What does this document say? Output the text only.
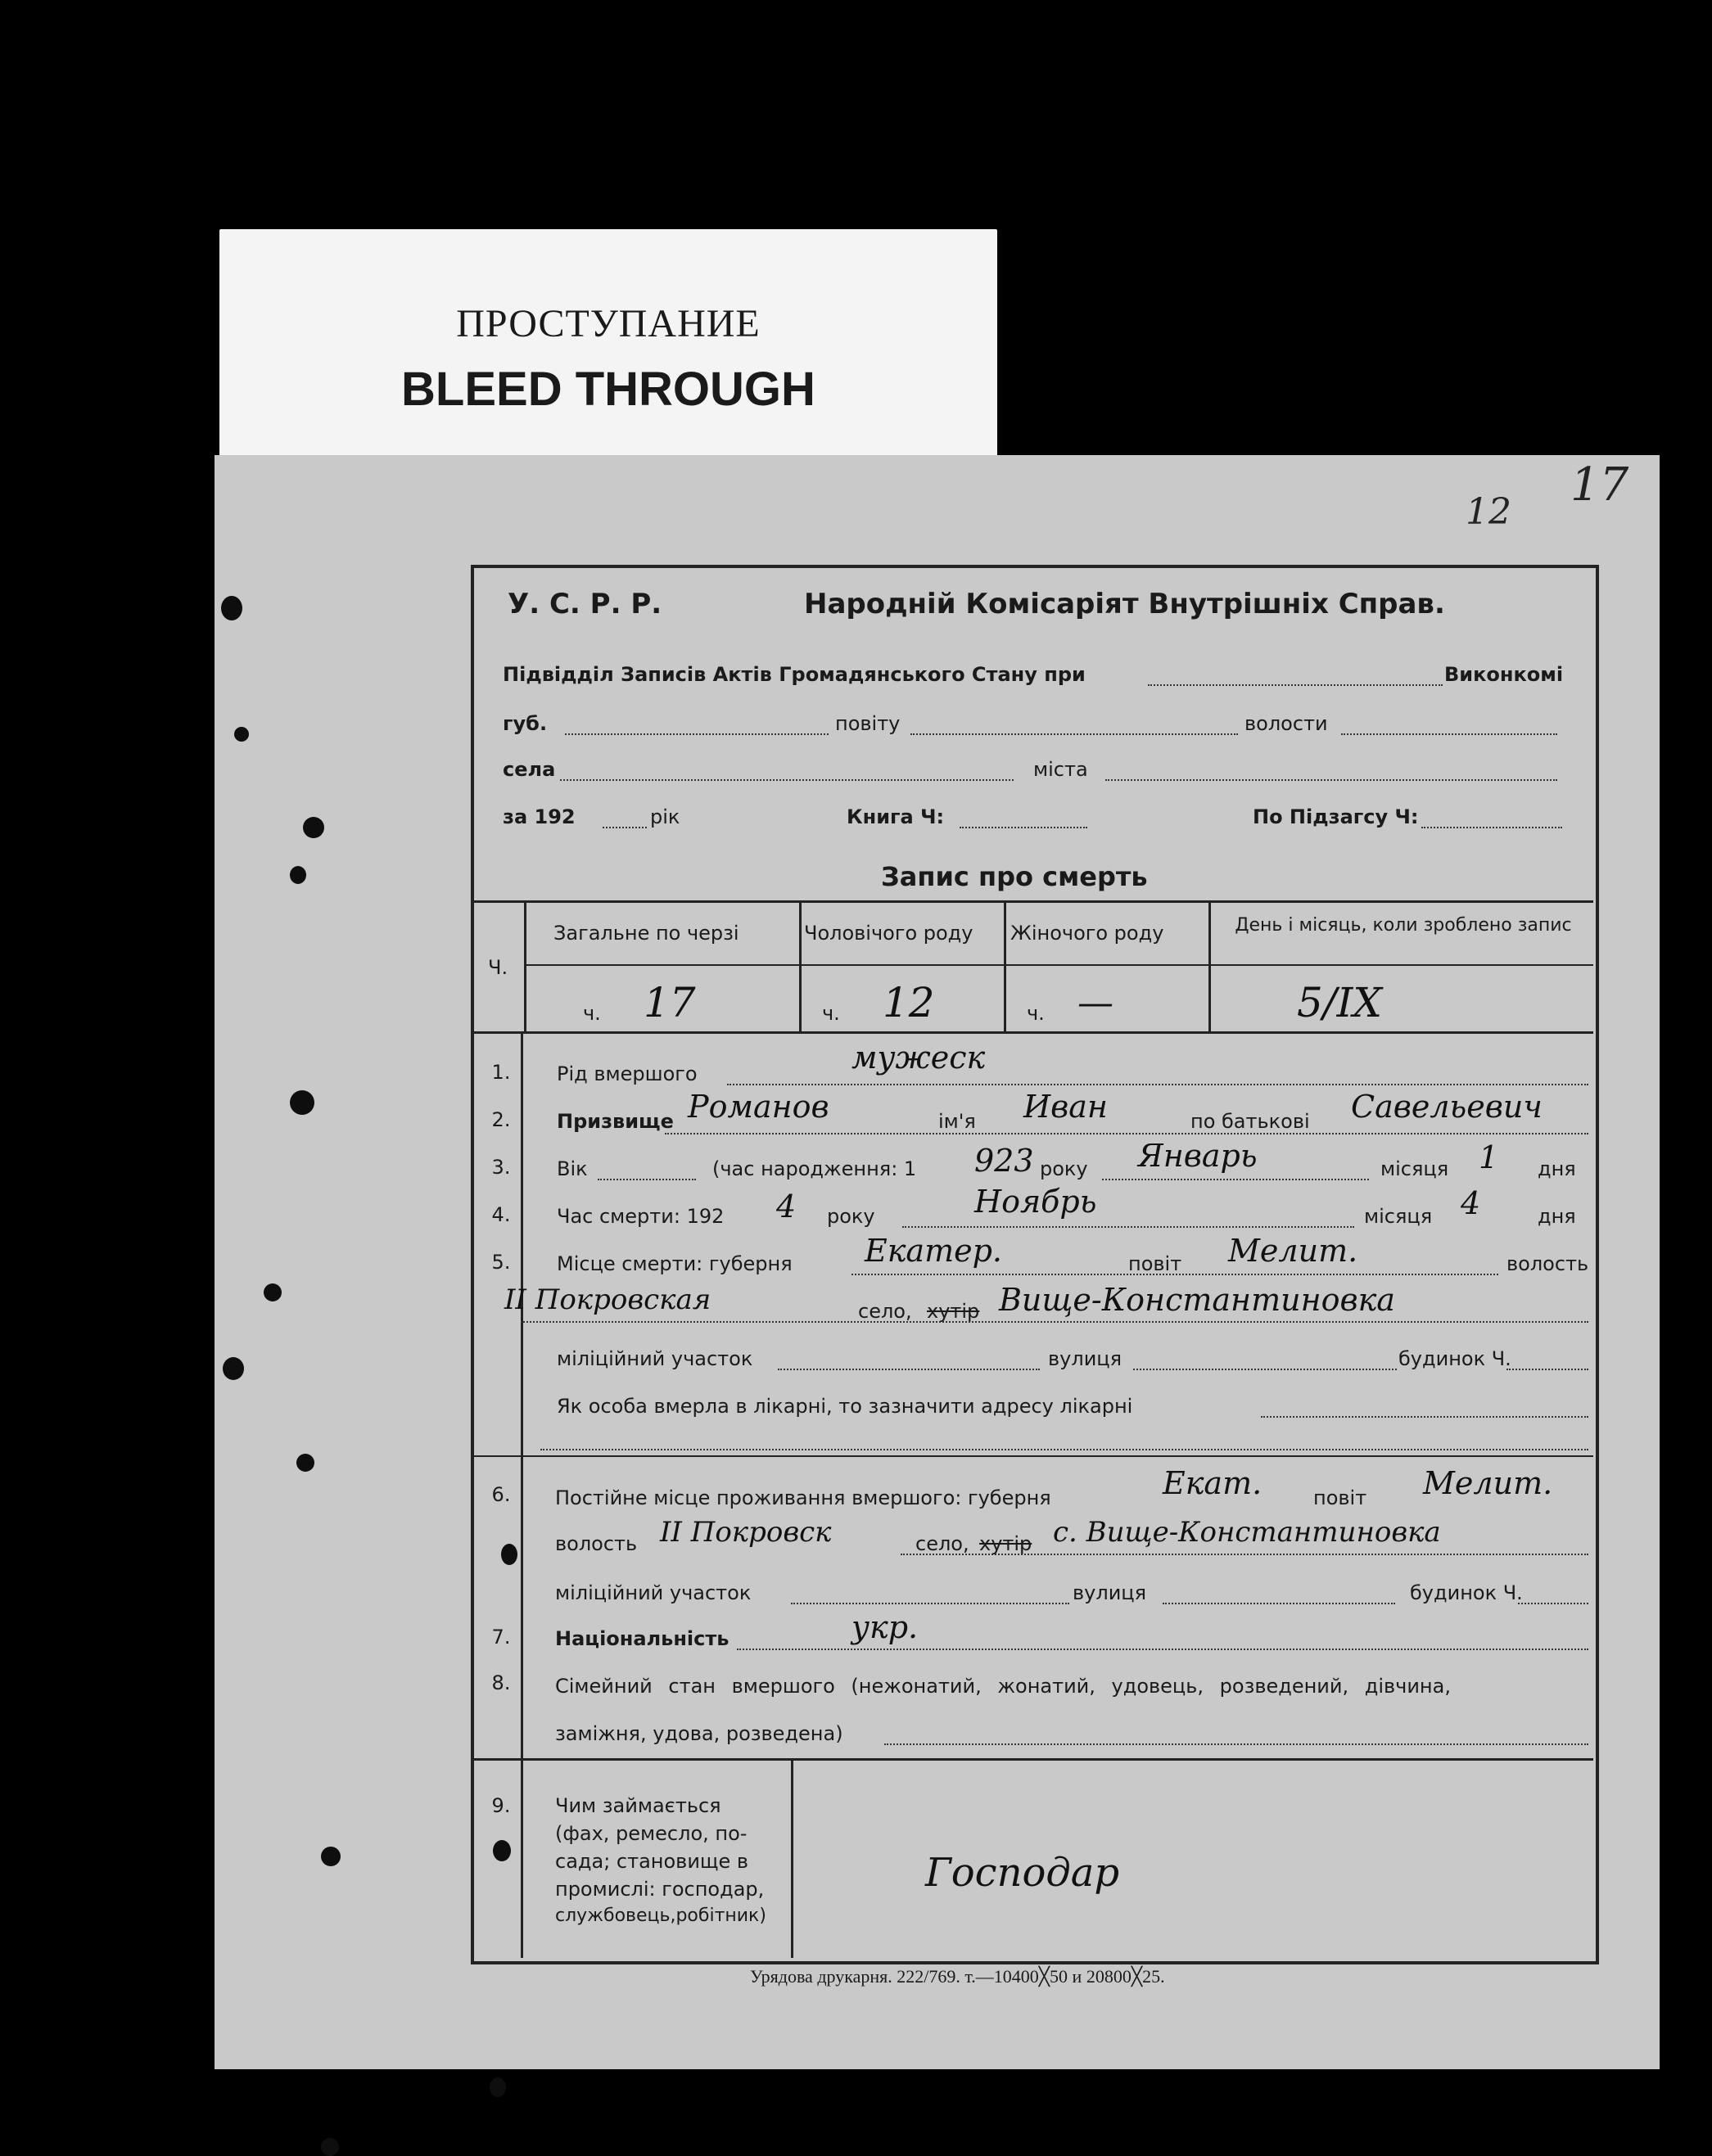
ПРОСТУПАНИЕ
BLEED THROUGH
17
12
У. С. Р. Р.	Народній Комісаріят Внутрішніх Справ.
Підвідділ Записів Актів Громадянського Стану при	Виконкомі
губ.	повіту	волости
села	міста
за 192	рік	Книга Ч:	По Підзагсу Ч:
Запис про смерть
Ч.
Загальне по черзі	Чоловічого роду Жіночого роду	День і місяць, коли зроблено запис
ч. 17	ч. 12	ч. —	5/IX
1.
2.
3.
4.
5.
6.
7.
8.
9.
Рід вмершого	мужеск
Призвище Романов	ім'я Иван	по батькові Савельевич
Вік	(час народження: 1 923 року Январь	місяця 1 дня
Час смерти: 192 4 року	Ноябрь	місяця 4	дня
Місце смерти: губерня Екатер.	повіт Мелит.	волость
II Покровская	село, хутір Вище-Константиновка
міліційний участок	вулиця	будинок Ч.
Як особа вмерла в лікарні, то зазначити адресу лікарні
Постійне місце проживання вмершого: губерня	Екат.	повіт Мелит.
волость II Покровск	село, хутір с. Вище-Константиновка
міліційний участок	вулиця	будинок Ч.
Національність	укр.
Сімейний стан вмершого (нежонатий, жонатий, удовець, розведений, дівчина,
заміжня, удова, розведена)
Чим займається
(фах, ремесло, по-
сада; становище в
промислі: господар,
службовець,робітник)
Господар
Урядова друкарня. 222/769. т.—10400╳50 и 20800╳25.
